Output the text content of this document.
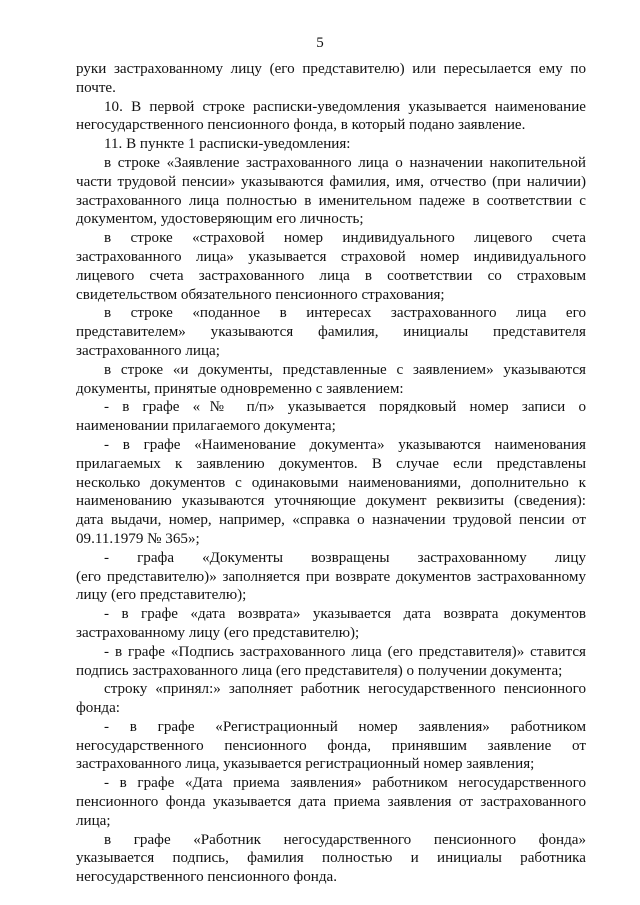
5
руки застрахованному лицу (его представителю) или пересылается ему по
почте.
10. В первой строке расписки-уведомления указывается наименование
негосударственного пенсионного фонда, в который подано заявление.
11. В пункте 1 расписки-уведомления:
в строке «Заявление застрахованного лица о назначении накопительной
части трудовой пенсии» указываются фамилия, имя, отчество (при наличии)
застрахованного лица полностью в именительном падеже в соответствии с
документом, удостоверяющим его личность;
в строке «страховой номер индивидуального лицевого счета
застрахованного лица» указывается страховой номер индивидуального
лицевого счета застрахованного лица в соответствии со страховым
свидетельством обязательного пенсионного страхования;
в строке «поданное в интересах застрахованного лица его
представителем» указываются фамилия, инициалы представителя
застрахованного лица;
в строке «и документы, представленные с заявлением» указываются
документы, принятые одновременно с заявлением:
- в графе «№ п/п» указывается порядковый номер записи о
наименовании прилагаемого документа;
- в графе «Наименование документа» указываются наименования
прилагаемых к заявлению документов. В случае если представлены
несколько документов с одинаковыми наименованиями, дополнительно к
наименованию указываются уточняющие документ реквизиты (сведения):
дата выдачи, номер, например, «справка о назначении трудовой пенсии от
09.11.1979 № 365»;
- графа «Документы возвращены застрахованному лицу
(его представителю)» заполняется при возврате документов застрахованному
лицу (его представителю);
- в графе «дата возврата» указывается дата возврата документов
застрахованному лицу (его представителю);
- в графе «Подпись застрахованного лица (его представителя)» ставится
подпись застрахованного лица (его представителя) о получении документа;
строку «принял:» заполняет работник негосударственного пенсионного
фонда:
- в графе «Регистрационный номер заявления» работником
негосударственного пенсионного фонда, принявшим заявление от
застрахованного лица, указывается регистрационный номер заявления;
- в графе «Дата приема заявления» работником негосударственного
пенсионного фонда указывается дата приема заявления от застрахованного
лица;
в графе «Работник негосударственного пенсионного фонда»
указывается подпись, фамилия полностью и инициалы работника
негосударственного пенсионного фонда.
